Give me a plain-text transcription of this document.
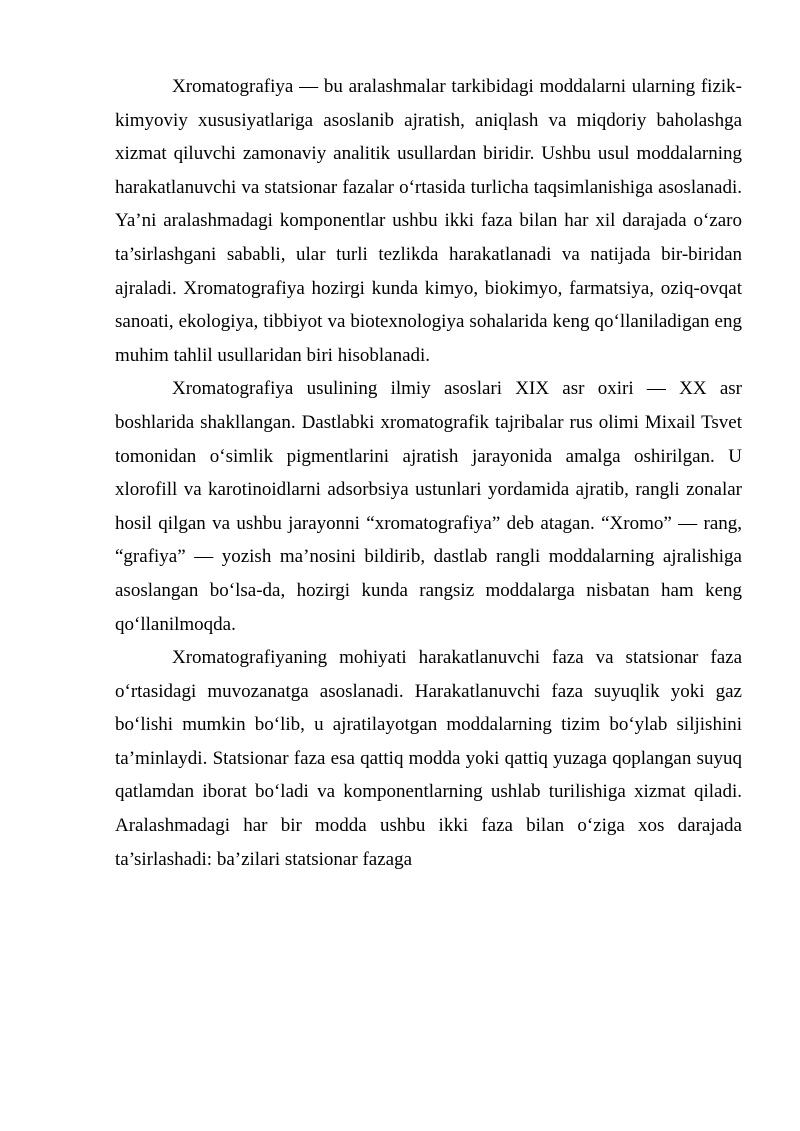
Xromatografiya — bu aralashmalar tarkibidagi moddalarni ularning fizik-kimyoviy xususiyatlariga asoslanib ajratish, aniqlash va miqdoriy baholashga xizmat qiluvchi zamonaviy analitik usullardan biridir. Ushbu usul moddalarning harakatlanuvchi va statsionar fazalar o‘rtasida turlicha taqsimlanishiga asoslanadi. Ya’ni aralashmadagi komponentlar ushbu ikki faza bilan har xil darajada o‘zaro ta’sirlashgani sababli, ular turli tezlikda harakatlanadi va natijada bir-biridan ajraladi. Xromatografiya hozirgi kunda kimyo, biokimyo, farmatsiya, oziq-ovqat sanoati, ekologiya, tibbiyot va biotexnologiya sohalarida keng qo‘llaniladigan eng muhim tahlil usullaridan biri hisoblanadi.

Xromatografiya usulining ilmiy asoslari XIX asr oxiri — XX asr boshlarida shakllangan. Dastlabki xromatografik tajribalar rus olimi Mixail Tsvet tomonidan o‘simlik pigmentlarini ajratish jarayonida amalga oshirilgan. U xlorofill va karotinoidlarni adsorbsiya ustunlari yordamida ajratib, rangli zonalar hosil qilgan va ushbu jarayonni “xromatografiya” deb atagan. “Xromo” — rang, “grafiya” — yozish ma’nosini bildirib, dastlab rangli moddalarning ajralishiga asoslangan bo‘lsa-da, hozirgi kunda rangsiz moddalarga nisbatan ham keng qo‘llanilmoqda.

Xromatografiyaning mohiyati harakatlanuvchi faza va statsionar faza o‘rtasidagi muvozanatga asoslanadi. Harakatlanuvchi faza suyuqlik yoki gaz bo‘lishi mumkin bo‘lib, u ajratilayotgan moddalarning tizim bo‘ylab siljishini ta’minlaydi. Statsionar faza esa qattiq modda yoki qattiq yuzaga qoplangan suyuq qatlamdan iborat bo‘ladi va komponentlarning ushlab turilishiga xizmat qiladi. Aralashmadagi har bir modda ushbu ikki faza bilan o‘ziga xos darajada ta’sirlashadi: ba’zilari statsionar fazaga
